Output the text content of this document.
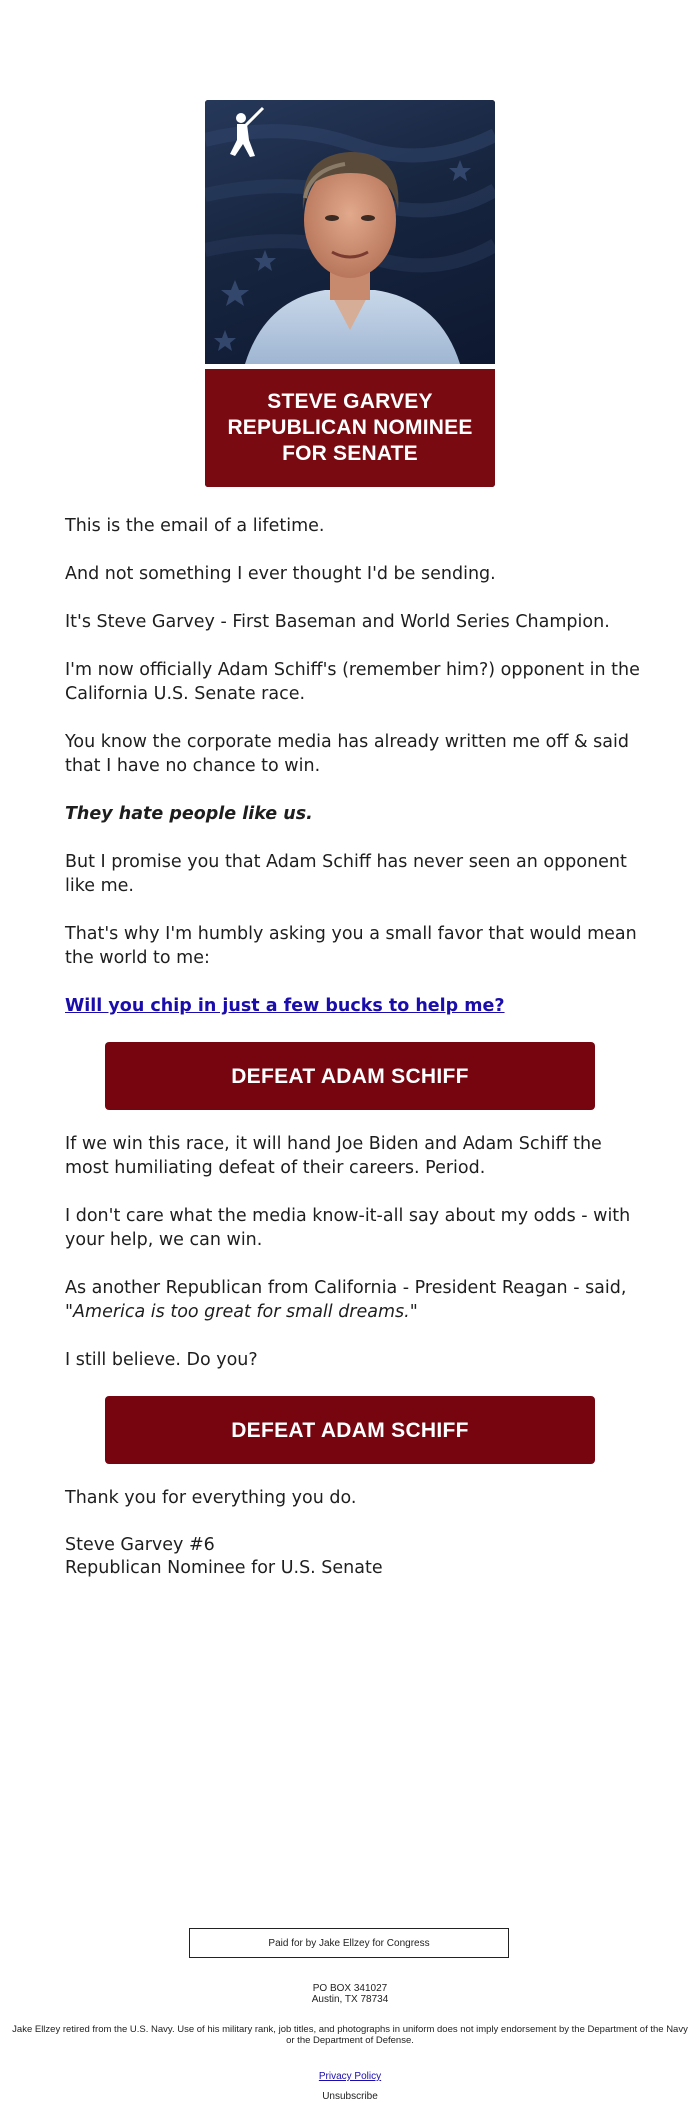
STEVE GARVEY
REPUBLICAN NOMINEE
FOR SENATE

This is the email of a lifetime.

And not something I ever thought I'd be sending.

It's Steve Garvey - First Baseman and World Series Champion.

I'm now officially Adam Schiff's (remember him?) opponent in the California U.S. Senate race.

You know the corporate media has already written me off & said that I have no chance to win.

They hate people like us.

But I promise you that Adam Schiff has never seen an opponent like me.

That's why I'm humbly asking you a small favor that would mean the world to me:

Will you chip in just a few bucks to help me?
DEFEAT ADAM SCHIFF

If we win this race, it will hand Joe Biden and Adam Schiff the most humiliating defeat of their careers. Period.

I don't care what the media know-it-all say about my odds - with your help, we can win.

As another Republican from California - President Reagan - said,
"America is too great for small dreams."

I still believe. Do you?

DEFEAT ADAM SCHIFF

Thank you for everything you do.

Steve Garvey #6

Republican Nominee for U.S. Senate

Paid for by Jake Ellzey for Congress
PO BOX 341027
Austin, TX 78734
Jake Ellzey retired from the U.S. Navy. Use of his military rank, job titles, and photographs in uniform does not imply endorsement by the Department of the Navy or the Department of Defense.
Privacy Policy
Unsubscribe
